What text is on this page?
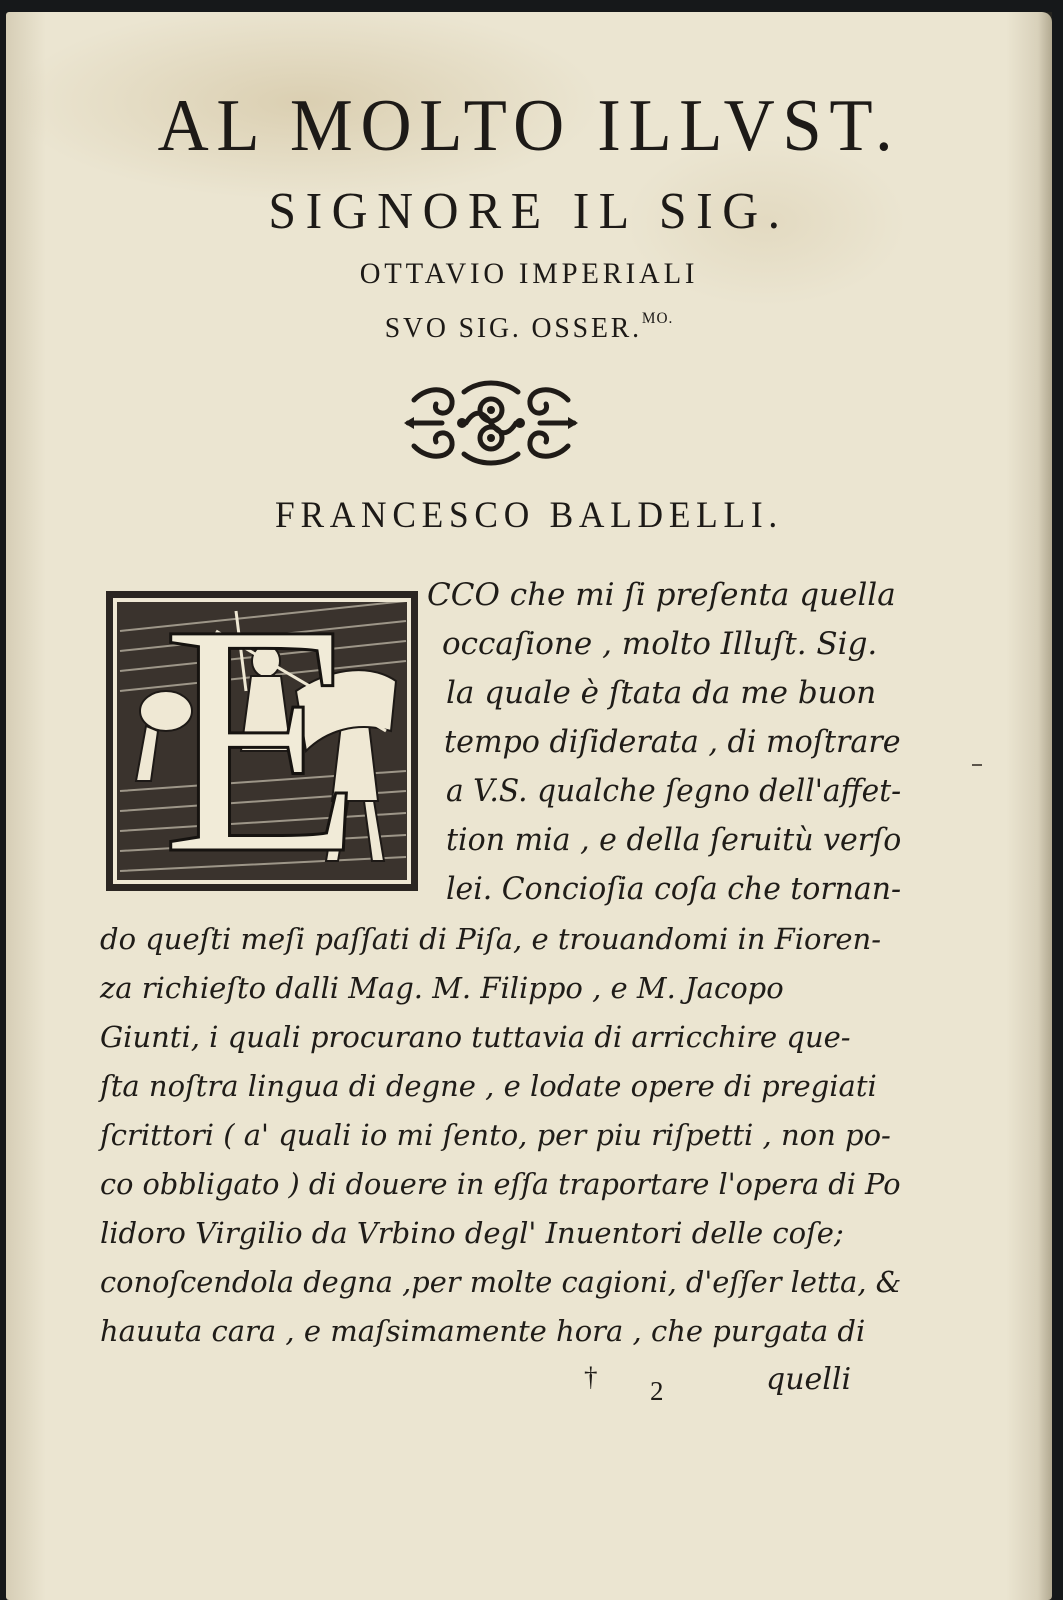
AL MOLTO ILLVST.
SIGNORE IL SIG.
OTTAVIO IMPERIALI
SVO SIG. OSSER.$^{MO.}$
FRANCESCO BALDELLI.
E	CCO che mi ſi preſenta quella
occaſione , molto Illuſt. Sig.
la quale è ſtata da me buon
tempo diſiderata , di moſtrare
a V.S. qualche ſegno dell'affet-
tion mia , e della ſeruitù verſo
lei. Concioſia coſa che tornan-
do queſti meſi paſſati di Piſa, e trouandomi in Fioren-
za richieſto dalli Mag. M. Filippo , e M. Jacopo
Giunti, i quali procurano tuttavia di arricchire que-
ſta noſtra lingua di degne , e lodate opere di pregiati
ſcrittori ( a' quali io mi ſento, per piu riſpetti , non po-
co obbligato ) di douere in eſſa traportare l'opera di Po
lidoro Virgilio da Vrbino degl' Inuentori delle coſe;
conoſcendola degna ,per molte cagioni, d'eſſer letta, &
hauuta cara , e maſsimamente hora , che purgata di
† 2	quelli
